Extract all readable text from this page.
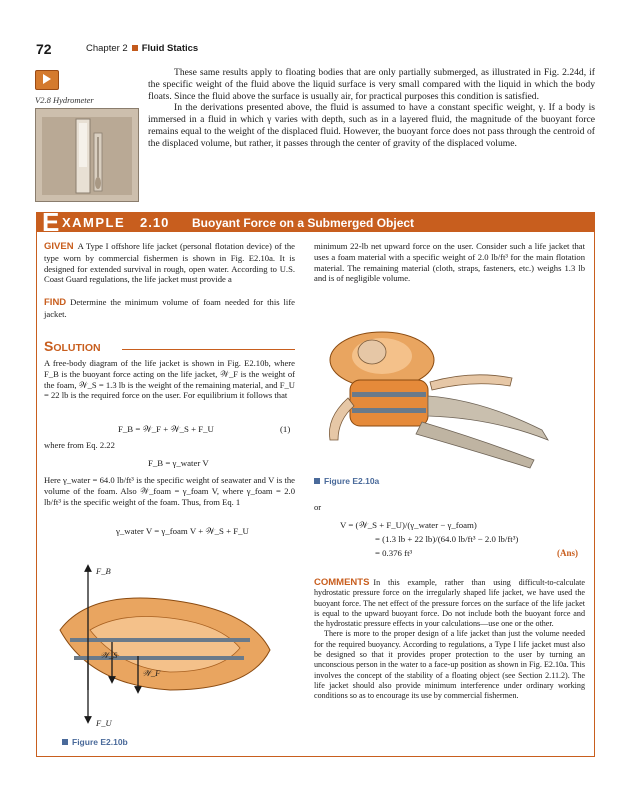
72	Chapter 2 Fluid Statics
V2.8 Hydrometer

These same results apply to floating bodies that are only partially submerged, as illustrated in Fig. 2.24d, if the specific weight of the fluid above the liquid surface is very small compared with the liquid in which the body floats. Since the fluid above the surface is usually air, for practical purposes this condition is satisfied.

In the derivations presented above, the fluid is assumed to have a constant specific weight, γ. If a body is immersed in a fluid in which γ varies with depth, such as in a layered fluid, the magnitude of the buoyant force remains equal to the weight of the displaced fluid. However, the buoyant force does not pass through the centroid of the displaced volume, but rather, it passes through the center of gravity of the displaced volume.

E XAMPLE 2.10 Buoyant Force on a Submerged Object
GIVEN A Type I offshore life jacket (personal flotation device) of the type worn by commercial fishermen is shown in Fig. E2.10a. It is designed for extended survival in rough, open water. According to U.S. Coast Guard regulations, the life jacket must provide a
minimum 22-lb net upward force on the user. Consider such a life jacket that uses a foam material with a specific weight of 2.0 lb/ft³ for the main flotation material. The remaining material (cloth, straps, fasteners, etc.) weighs 1.3 lb and is of negligible volume.
FIND Determine the minimum volume of foam needed for this life jacket.
SOLUTION
A free-body diagram of the life jacket is shown in Fig. E2.10b, where F_B is the buoyant force acting on the life jacket, 𝒲_F is the weight of the foam, 𝒲_S = 1.3 lb is the weight of the remaining material, and F_U = 22 lb is the required force on the user. For equilibrium it follows that
F_B = 𝒲_F + 𝒲_S + F_U	(1)
where from Eq. 2.22
F_B = γ_water V
Here γ_water = 64.0 lb/ft³ is the specific weight of seawater and V is the volume of the foam. Also 𝒲_foam = γ_foam V, where γ_foam = 2.0 lb/ft³ is the specific weight of the foam. Thus, from Eq. 1
γ_water V = γ_foam V + 𝒲_S + F_U
Figure E2.10a
or
V = (𝒲_S + F_U)/(γ_water − γ_foam)
= (1.3 lb + 22 lb)/(64.0 lb/ft³ − 2.0 lb/ft³)
= 0.376 ft³	(Ans)
F_B
𝒲_S
𝒲_F
F_U
Figure E2.10b

COMMENTS In this example, rather than using difficult-to-calculate hydrostatic pressure force on the irregularly shaped life jacket, we have used the buoyant force. The net effect of the pressure forces on the surface of the life jacket is equal to the upward buoyant force. Do not include both the buoyant force and the hydrostatic pressure effects in your calculations—use one or the other.

There is more to the proper design of a life jacket than just the volume needed for the required buoyancy. According to regulations, a Type I life jacket must also be designed so that it provides proper protection to the user by turning an unconscious person in the water to a face-up position as shown in Fig. E2.10a. This involves the concept of the stability of a floating object (see Section 2.11.2). The life jacket should also provide minimum interference under ordinary working conditions so as to encourage its use by commercial fishermen.
